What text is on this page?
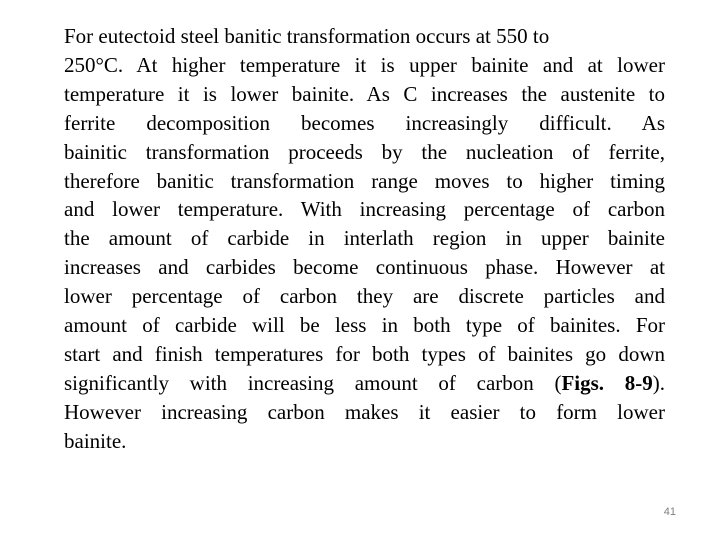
For eutectoid steel banitic transformation occurs at 550 to
250°C. At higher temperature it is upper bainite and at lower
temperature it is lower bainite. As C increases the austenite to
ferrite decomposition becomes increasingly difficult. As
bainitic transformation proceeds by the nucleation of ferrite,
therefore banitic transformation range moves to higher timing
and lower temperature. With increasing percentage of carbon
the amount of carbide in interlath region in upper bainite
increases and carbides become continuous phase. However at
lower percentage of carbon they are discrete particles and
amount of carbide will be less in both type of bainites. For
start and finish temperatures for both types of bainites go down
significantly with increasing amount of carbon (Figs. 8-9).
However increasing carbon makes it easier to form lower
bainite.
41
